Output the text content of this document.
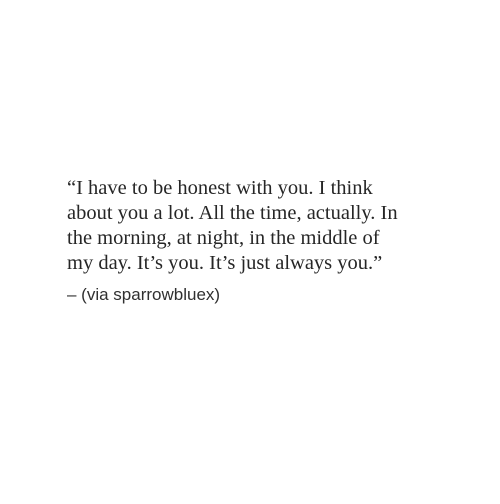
“I have to be honest with you. I think
about you a lot. All the time, actually. In
the morning, at night, in the middle of
my day. It’s you. It’s just always you.”

– (via sparrowbluex)
